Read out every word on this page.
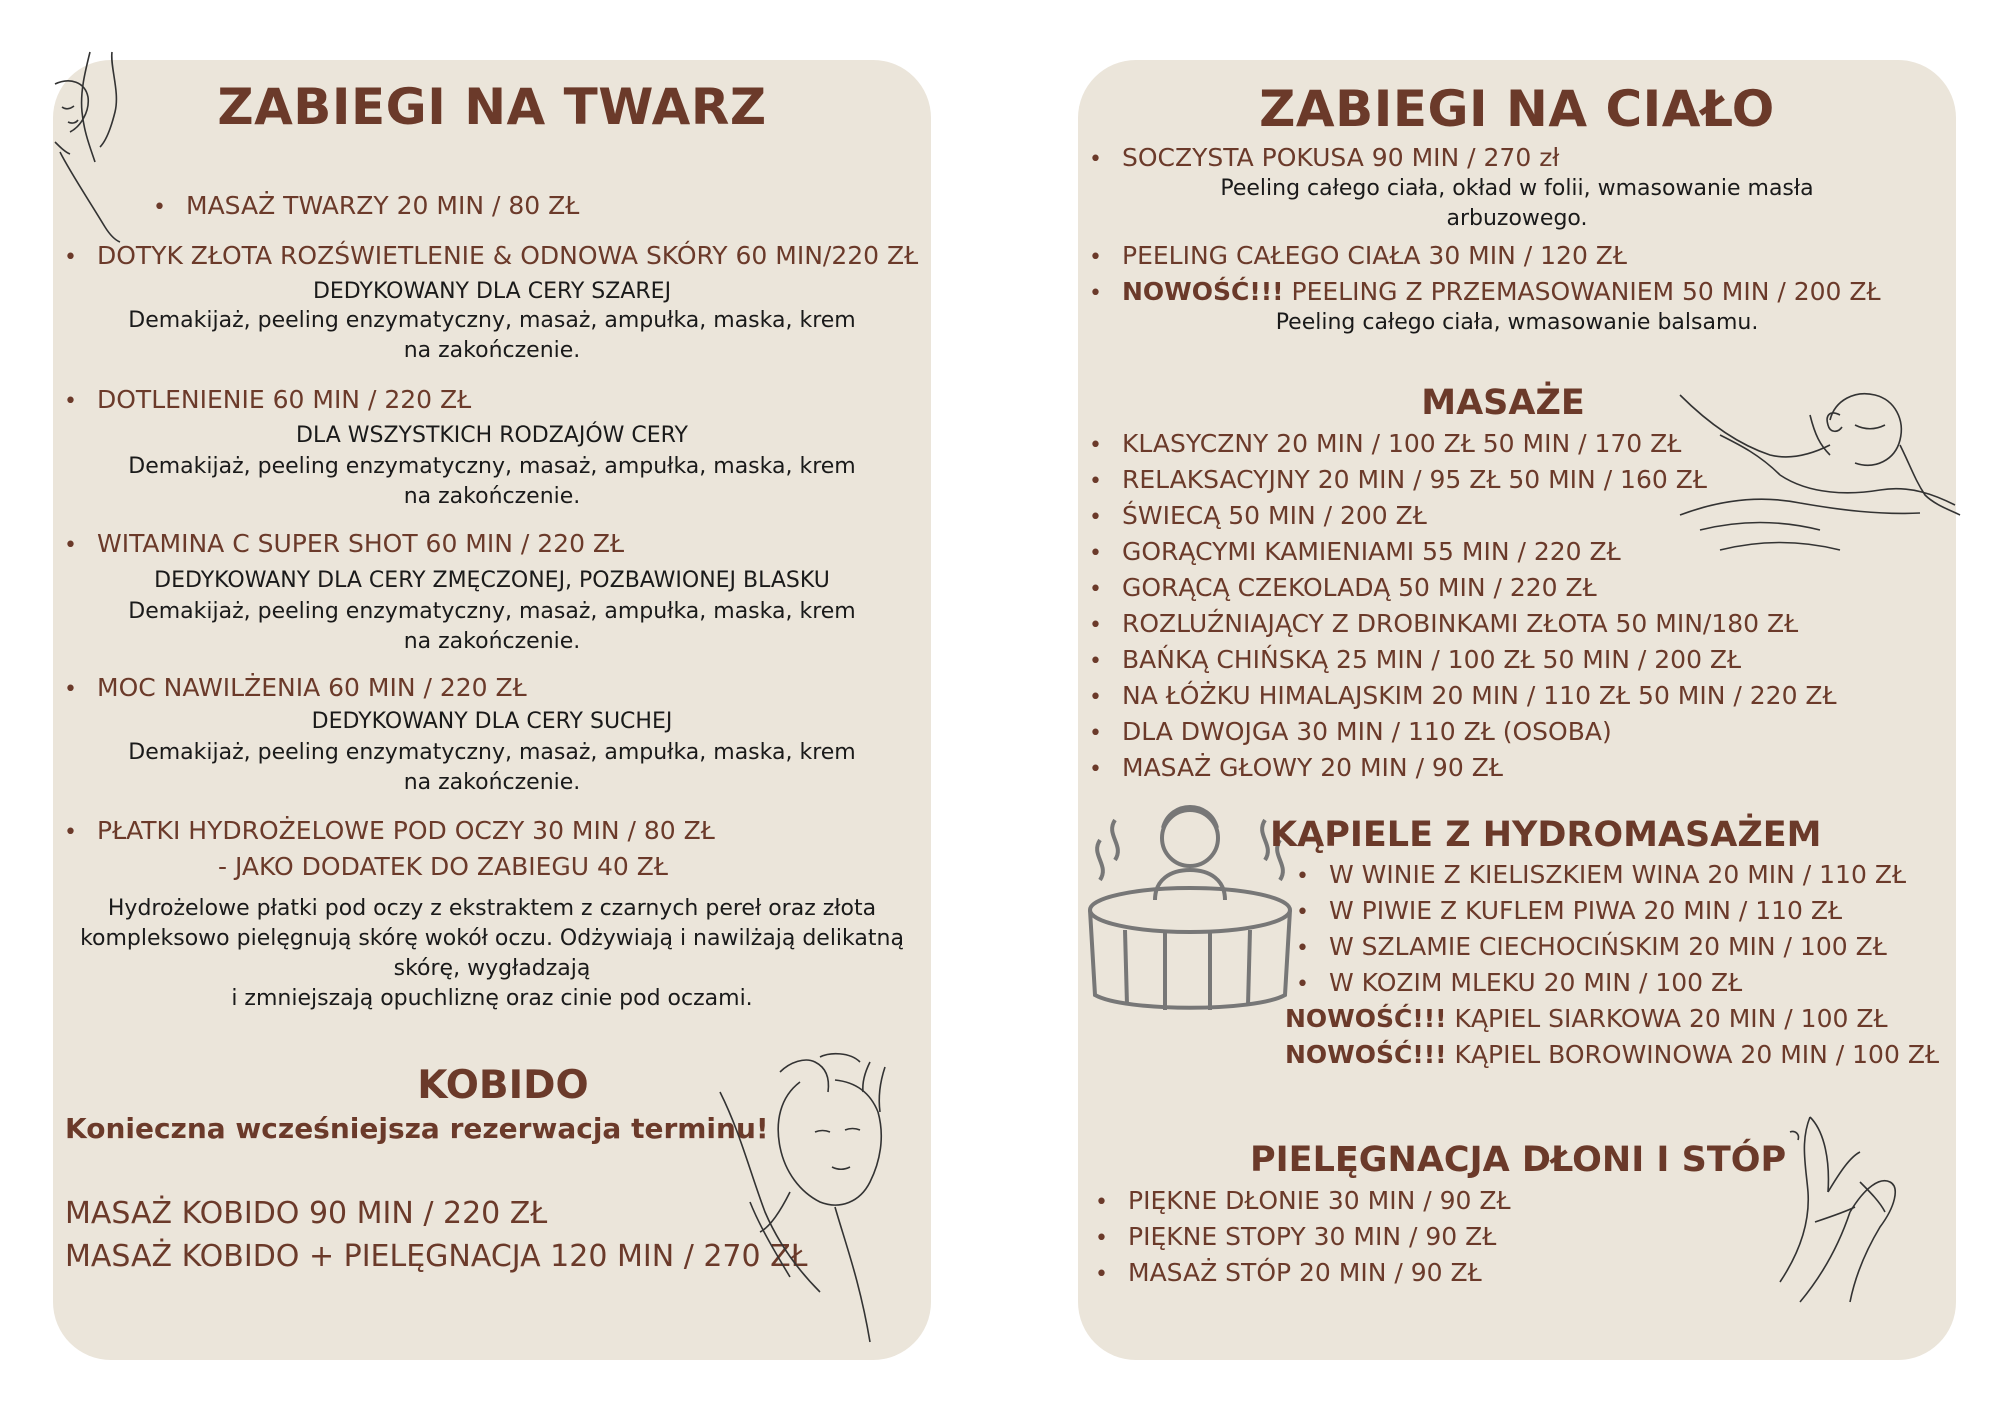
ZABIEGI NA TWARZ
• MASAŻ TWARZY 20 MIN / 80 ZŁ
• DOTYK ZŁOTA ROZŚWIETLENIE & ODNOWA SKÓRY 60 MIN/220 ZŁ
DEDYKOWANY DLA CERY SZAREJ
Demakijaż, peeling enzymatyczny, masaż, ampułka, maska, krem na zakończenie.
• DOTLENIENIE 60 MIN / 220 ZŁ
DLA WSZYSTKICH RODZAJÓW CERY
Demakijaż, peeling enzymatyczny, masaż, ampułka, maska, krem na zakończenie.
• WITAMINA C SUPER SHOT 60 MIN / 220 ZŁ
DEDYKOWANY DLA CERY ZMĘCZONEJ, POZBAWIONEJ BLASKU
Demakijaż, peeling enzymatyczny, masaż, ampułka, maska, krem na zakończenie.
• MOC NAWILŻENIA 60 MIN / 220 ZŁ
DEDYKOWANY DLA CERY SUCHEJ
Demakijaż, peeling enzymatyczny, masaż, ampułka, maska, krem na zakończenie.
• PŁATKI HYDROŻELOWE POD OCZY 30 MIN / 80 ZŁ
- JAKO DODATEK DO ZABIEGU 40 ZŁ
Hydrożelowe płatki pod oczy z ekstraktem z czarnych pereł oraz złota
kompleksowo pielęgnują skórę wokół oczu. Odżywiają i nawilżają delikatną
skórę, wygładzają
i zmniejszają opuchliznę oraz cinie pod oczami.
KOBIDO
Konieczna wcześniejsza rezerwacja terminu!
MASAŻ KOBIDO 90 MIN / 220 ZŁ
MASAŻ KOBIDO + PIELĘGNACJA 120 MIN / 270 ZŁ
ZABIEGI NA CIAŁO
• SOCZYSTA POKUSA 90 MIN / 270 zł
Peeling całego ciała, okład w folii, wmasowanie masła
arbuzowego.
• PEELING CAŁEGO CIAŁA 30 MIN / 120 ZŁ
• NOWOŚĆ!!! PEELING Z PRZEMASOWANIEM 50 MIN / 200 ZŁ
Peeling całego ciała, wmasowanie balsamu.
MASAŻE
• KLASYCZNY 20 MIN / 100 ZŁ 50 MIN / 170 ZŁ
• RELAKSACYJNY 20 MIN / 95 ZŁ 50 MIN / 160 ZŁ
• ŚWIECĄ 50 MIN / 200 ZŁ
• GORĄCYMI KAMIENIAMI 55 MIN / 220 ZŁ
• GORĄCĄ CZEKOLADĄ 50 MIN / 220 ZŁ
• ROZLUŹNIAJĄCY Z DROBINKAMI ZŁOTA 50 MIN/180 ZŁ
• BAŃKĄ CHIŃSKĄ 25 MIN / 100 ZŁ 50 MIN / 200 ZŁ
• NA ŁÓŻKU HIMALAJSKIM 20 MIN / 110 ZŁ 50 MIN / 220 ZŁ
• DLA DWOJGA 30 MIN / 110 ZŁ (OSOBA)
• MASAŻ GŁOWY 20 MIN / 90 ZŁ
KĄPIELE Z HYDROMASAŻEM
• W WINIE Z KIELISZKIEM WINA 20 MIN / 110 ZŁ
• W PIWIE Z KUFLEM PIWA 20 MIN / 110 ZŁ
• W SZLAMIE CIECHOCIŃSKIM 20 MIN / 100 ZŁ
• W KOZIM MLEKU 20 MIN / 100 ZŁ
NOWOŚĆ!!! KĄPIEL SIARKOWA 20 MIN / 100 ZŁ
NOWOŚĆ!!! KĄPIEL BOROWINOWA 20 MIN / 100 ZŁ
PIELĘGNACJA DŁONI I STÓP
• PIĘKNE DŁONIE 30 MIN / 90 ZŁ
• PIĘKNE STOPY 30 MIN / 90 ZŁ
• MASAŻ STÓP 20 MIN / 90 ZŁ
